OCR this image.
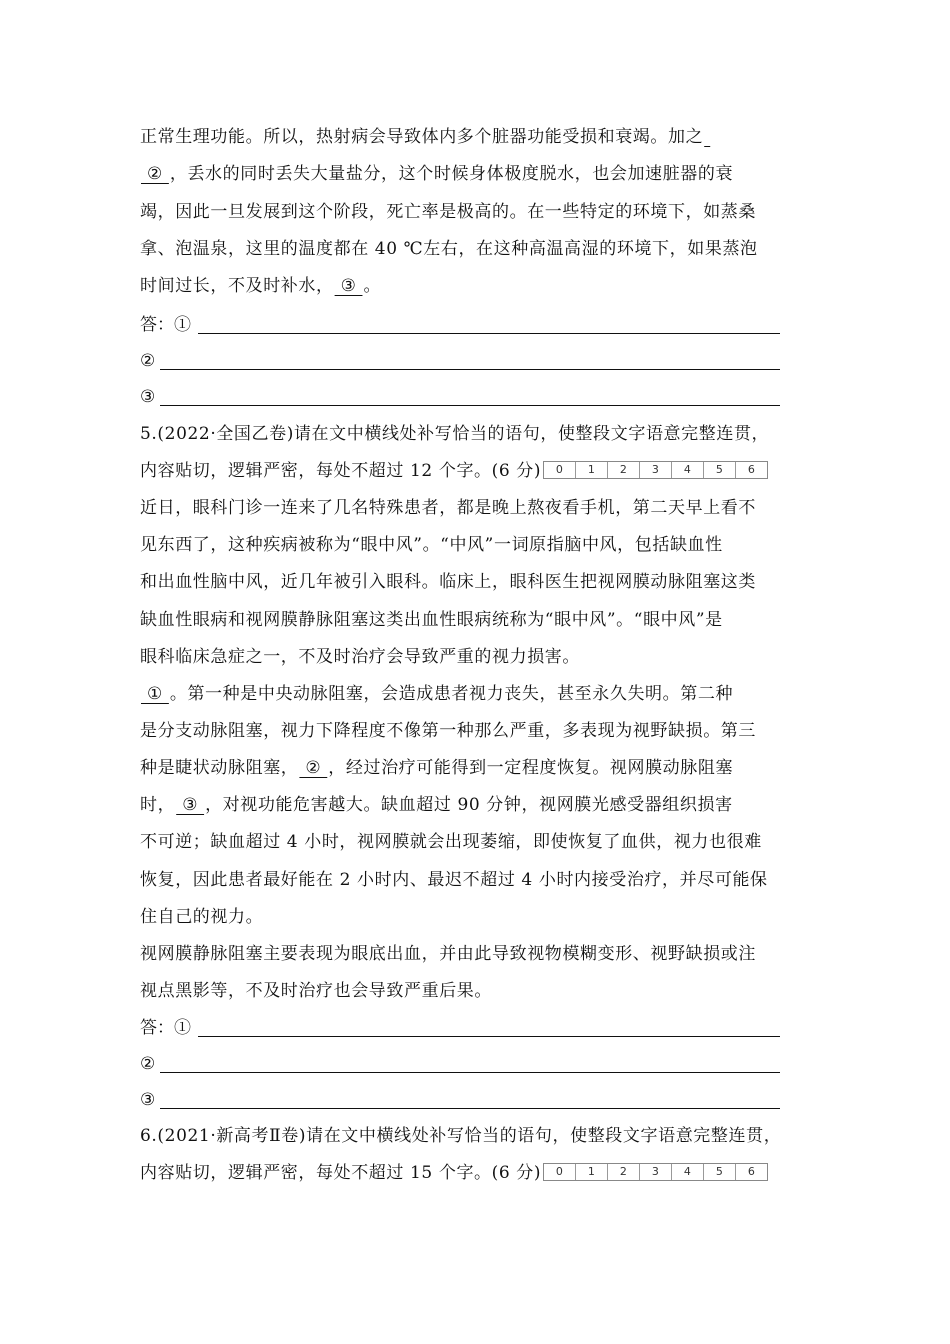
正常生理功能。所以，热射病会导致体内多个脏器功能受损和衰竭。加之
② ，丢水的同时丢失大量盐分，这个时候身体极度脱水，也会加速脏器的衰
竭，因此一旦发展到这个阶段，死亡率是极高的。在一些特定的环境下，如蒸桑
拿、泡温泉，这里的温度都在 40 ℃左右，在这种高温高湿的环境下，如果蒸泡
时间过长，不及时补水， ③ 。
答：①
②
③
5.(2022·全国乙卷)请在文中横线处补写恰当的语句，使整段文字语意完整连贯，
内容贴切，逻辑严密，每处不超过 12 个字。(6 分)	0	1	2	3	4	5	6
近日，眼科门诊一连来了几名特殊患者，都是晚上熬夜看手机，第二天早上看不
见东西了，这种疾病被称为“眼中风”。“中风”一词原指脑中风，包括缺血性
和出血性脑中风，近几年被引入眼科。临床上，眼科医生把视网膜动脉阻塞这类
缺血性眼病和视网膜静脉阻塞这类出血性眼病统称为“眼中风”。“眼中风”是
眼科临床急症之一，不及时治疗会导致严重的视力损害。
① 。第一种是中央动脉阻塞，会造成患者视力丧失，甚至永久失明。第二种
是分支动脉阻塞，视力下降程度不像第一种那么严重，多表现为视野缺损。第三
种是睫状动脉阻塞， ② ，经过治疗可能得到一定程度恢复。视网膜动脉阻塞
时， ③ ，对视功能危害越大。缺血超过 90 分钟，视网膜光感受器组织损害
不可逆；缺血超过 4 小时，视网膜就会出现萎缩，即使恢复了血供，视力也很难
恢复，因此患者最好能在 2 小时内、最迟不超过 4 小时内接受治疗，并尽可能保
住自己的视力。
视网膜静脉阻塞主要表现为眼底出血，并由此导致视物模糊变形、视野缺损或注
视点黑影等，不及时治疗也会导致严重后果。
答：①
②
③
6.(2021·新高考Ⅱ卷)请在文中横线处补写恰当的语句，使整段文字语意完整连贯，
内容贴切，逻辑严密，每处不超过 15 个字。(6 分)	0	1	2	3	4	5	6
